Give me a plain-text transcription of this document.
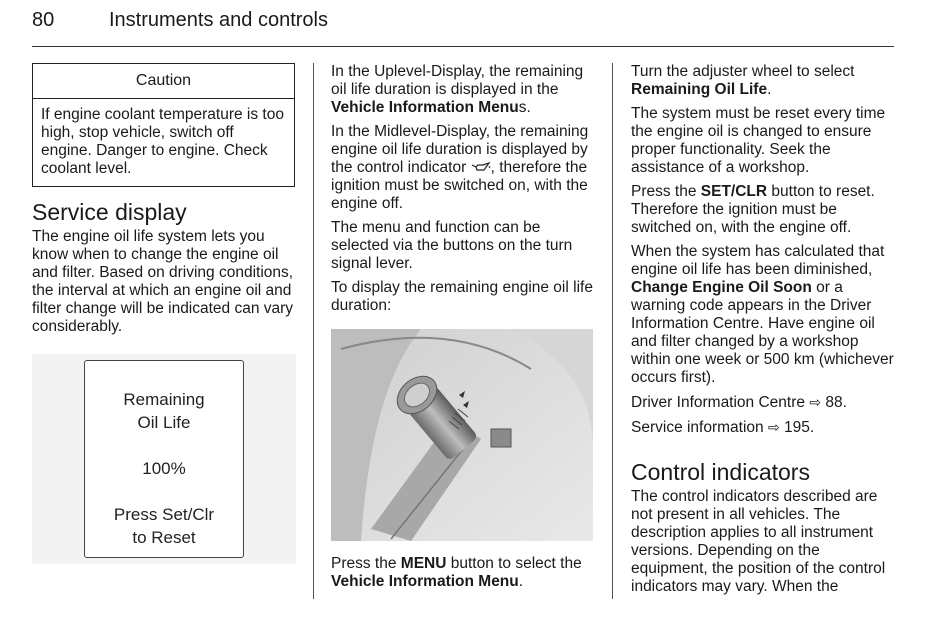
80	Instruments and controls
Caution
If engine coolant temperature is too high, stop vehicle, switch off engine. Danger to engine. Check coolant level.
Service display

The engine oil life system lets you know when to change the engine oil and filter. Based on driving conditions, the interval at which an engine oil and filter change will be indicated can vary considerably.

Remaining
Oil Life
100%
Press Set/Clr
to Reset

In the Uplevel-Display, the remaining oil life duration is displayed in the Vehicle Information Menus.

In the Midlevel-Display, the remaining engine oil life duration is displayed by the control indicator , therefore the ignition must be switched on, with the engine off.

The menu and function can be selected via the buttons on the turn signal lever.

To display the remaining engine oil life duration:

Press the MENU button to select the Vehicle Information Menu.

Turn the adjuster wheel to select Remaining Oil Life.

The system must be reset every time the engine oil is changed to ensure proper functionality. Seek the assistance of a workshop.

Press the SET/CLR button to reset. Therefore the ignition must be switched on, with the engine off.

When the system has calculated that engine oil life has been diminished, Change Engine Oil Soon or a warning code appears in the Driver Information Centre. Have engine oil and filter changed by a workshop within one week or 500 km (whichever occurs first).

Driver Information Centre ⇨ 88.

Service information ⇨ 195.

Control indicators

The control indicators described are not present in all vehicles. The description applies to all instrument versions. Depending on the equipment, the position of the control indicators may vary. When the
